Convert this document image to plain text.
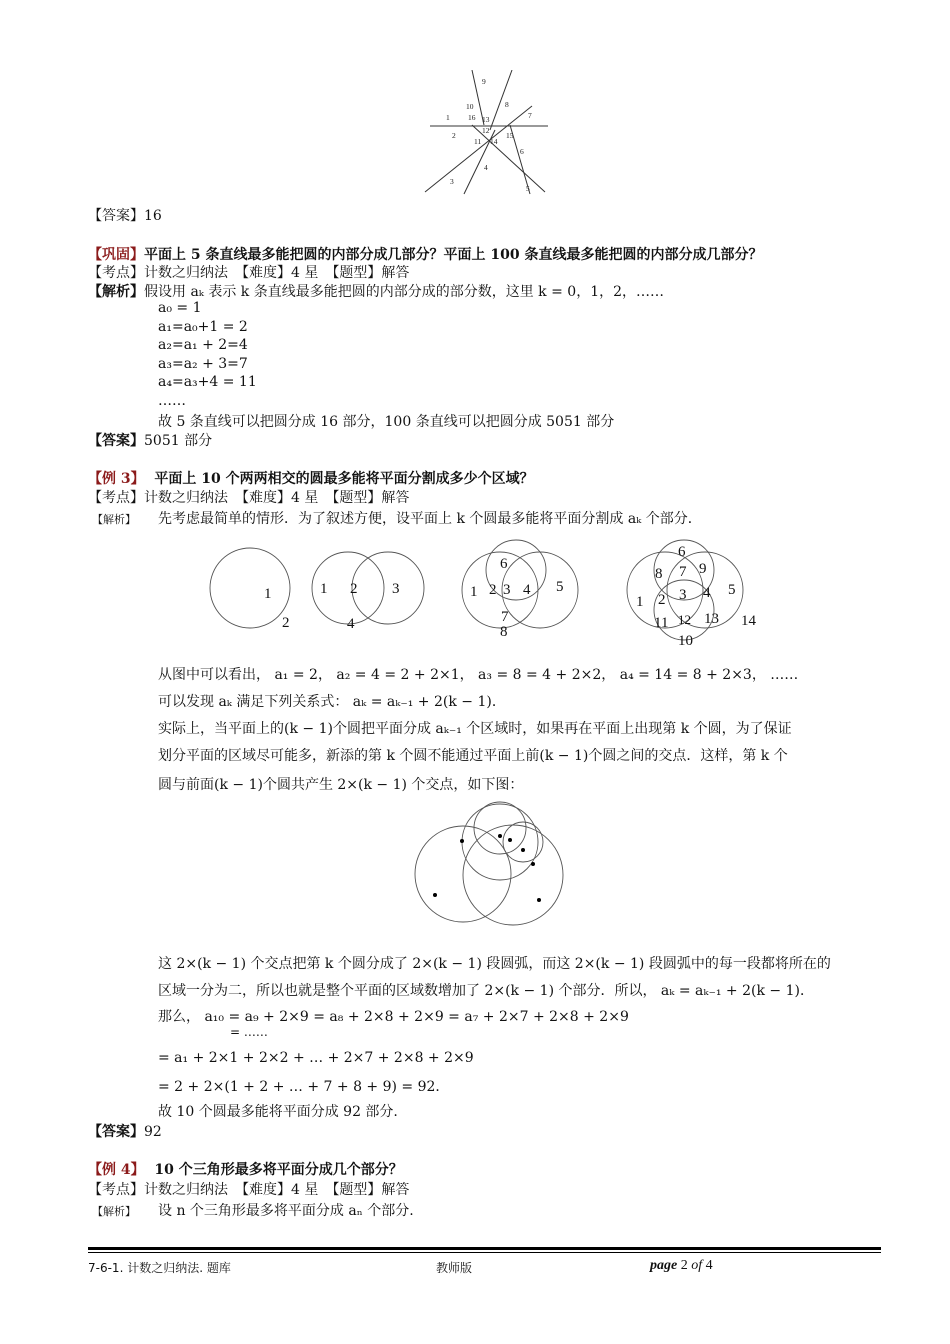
9
8
10
16 13
1	7
2
12
15
11 14
6
4
3
5
【答案】16
【巩固】平面上 5 条直线最多能把圆的内部分成几部分？平面上 100 条直线最多能把圆的内部分成几部分？
【考点】计数之归纳法　【难度】4 星　【题型】解答
【解析】假设用 aₖ 表示 k 条直线最多能把圆的内部分成的部分数，这里 k = 0，1，2，……
a₀ = 1
a₁=a₀+1 = 2
a₂=a₁ + 2=4
a₃=a₂ + 3=7
a₄=a₃+4 = 11
……
故 5 条直线可以把圆分成 16 部分，100 条直线可以把圆分成 5051 部分
【答案】5051 部分
【例 3】 平面上 10 个两两相交的圆最多能将平面分割成多少个区域？
【考点】计数之归纳法　【难度】4 星　【题型】解答
【解析】 先考虑最简单的情形．为了叙述方便，设平面上 k 个圆最多能将平面分割成 aₖ 个部分．
1
2
1 2 3
4
6
1 2 3 4 5
7
8
6
8 7 9
1 2 3 4 5
11 12 13 14
10
从图中可以看出， a₁ = 2， a₂ = 4 = 2 + 2×1， a₃ = 8 = 4 + 2×2， a₄ = 14 = 8 + 2×3， ……
可以发现 aₖ 满足下列关系式： aₖ = aₖ₋₁ + 2(k − 1)．
实际上，当平面上的(k − 1)个圆把平面分成 aₖ₋₁ 个区域时，如果再在平面上出现第 k 个圆，为了保证
划分平面的区域尽可能多，新添的第 k 个圆不能通过平面上前(k − 1)个圆之间的交点．这样，第 k 个
圆与前面(k − 1)个圆共产生 2×(k − 1) 个交点，如下图：
这 2×(k − 1) 个交点把第 k 个圆分成了 2×(k − 1) 段圆弧，而这 2×(k − 1) 段圆弧中的每一段都将所在的
区域一分为二，所以也就是整个平面的区域数增加了 2×(k − 1) 个部分．所以， aₖ = aₖ₋₁ + 2(k − 1)．
那么， a₁₀ = a₉ + 2×9 = a₈ + 2×8 + 2×9 = a₇ + 2×7 + 2×8 + 2×9
= ……
= a₁ + 2×1 + 2×2 + … + 2×7 + 2×8 + 2×9
= 2 + 2×(1 + 2 + … + 7 + 8 + 9) = 92．
故 10 个圆最多能将平面分成 92 部分.
【答案】92
【例 4】 10 个三角形最多将平面分成几个部分？
【考点】计数之归纳法　【难度】4 星　【题型】解答
【解析】 设 n 个三角形最多将平面分成 aₙ 个部分.
7-6-1. 计数之归纳法. 题库	教师版	page 2 of 4
